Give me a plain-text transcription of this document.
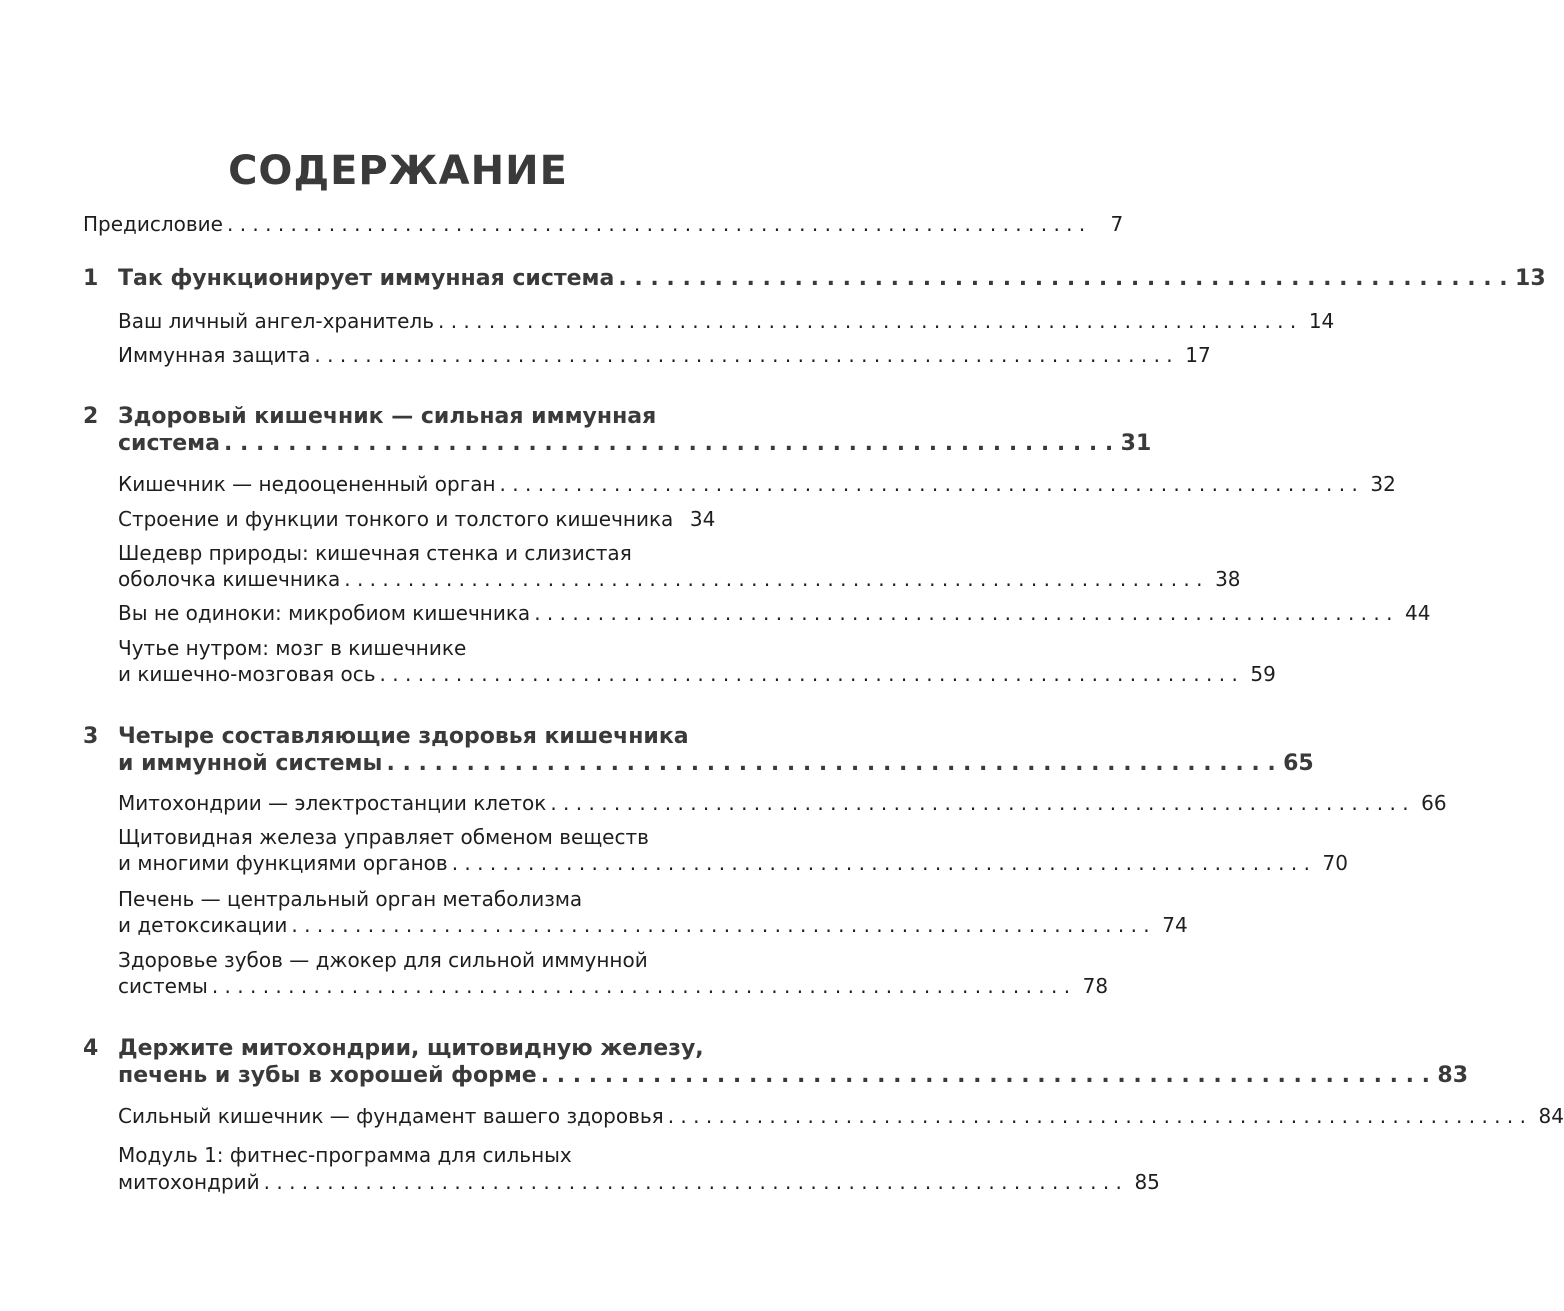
СОДЕРЖАНИЕ
Предисловие . . . . . . . . . . . . . . . . . . . . . . . . . . . . . . . . . . . . . . . . . . . . . . . . . . . . . . . . . . . . . . . . . . . .	7
1 Так функционирует иммунная система . . . . . . . . . . . . . . . . . . . . . . . . . . . . . . . . . . . . . . . . . . . . . . . . . . . . . . . . 13
Ваш личный ангел-хранитель . . . . . . . . . . . . . . . . . . . . . . . . . . . . . . . . . . . . . . . . . . . . . . . . . . . . . . . . . . . . . . . . . . . . 14
Иммунная защита . . . . . . . . . . . . . . . . . . . . . . . . . . . . . . . . . . . . . . . . . . . . . . . . . . . . . . . . . . . . . . . . . . . . 17
2 Здоровый кишечник — сильная иммунная
система . . . . . . . . . . . . . . . . . . . . . . . . . . . . . . . . . . . . . . . . . . . . . . . . . . . . . . . . 31
Кишечник — недооцененный орган . . . . . . . . . . . . . . . . . . . . . . . . . . . . . . . . . . . . . . . . . . . . . . . . . . . . . . . . . . . . . . . . . . . . 32
Строение и функции тонкого и толстого кишечника 34
Шедевр природы: кишечная стенка и слизистая
оболочка кишечника . . . . . . . . . . . . . . . . . . . . . . . . . . . . . . . . . . . . . . . . . . . . . . . . . . . . . . . . . . . . . . . . . . . . 38
Вы не одиноки: микробиом кишечника . . . . . . . . . . . . . . . . . . . . . . . . . . . . . . . . . . . . . . . . . . . . . . . . . . . . . . . . . . . . . . . . . . . . 44
Чутье нутром: мозг в кишечнике
и кишечно-мозговая ось . . . . . . . . . . . . . . . . . . . . . . . . . . . . . . . . . . . . . . . . . . . . . . . . . . . . . . . . . . . . . . . . . . . . 59
3 Четыре составляющие здоровья кишечника
и иммунной системы . . . . . . . . . . . . . . . . . . . . . . . . . . . . . . . . . . . . . . . . . . . . . . . . . . . . . . . . 65
Митохондрии — электростанции клеток . . . . . . . . . . . . . . . . . . . . . . . . . . . . . . . . . . . . . . . . . . . . . . . . . . . . . . . . . . . . . . . . . . . . 66
Щитовидная железа управляет обменом веществ
и многими функциями органов . . . . . . . . . . . . . . . . . . . . . . . . . . . . . . . . . . . . . . . . . . . . . . . . . . . . . . . . . . . . . . . . . . . . 70
Печень — центральный орган метаболизма
и детоксикации . . . . . . . . . . . . . . . . . . . . . . . . . . . . . . . . . . . . . . . . . . . . . . . . . . . . . . . . . . . . . . . . . . . . 74
Здоровье зубов — джокер для сильной иммунной
системы . . . . . . . . . . . . . . . . . . . . . . . . . . . . . . . . . . . . . . . . . . . . . . . . . . . . . . . . . . . . . . . . . . . . 78
4 Держите митохондрии, щитовидную железу,
печень и зубы в хорошей форме . . . . . . . . . . . . . . . . . . . . . . . . . . . . . . . . . . . . . . . . . . . . . . . . . . . . . . . . 83
Сильный кишечник — фундамент вашего здоровья . . . . . . . . . . . . . . . . . . . . . . . . . . . . . . . . . . . . . . . . . . . . . . . . . . . . . . . . . . . . . . . . . . . . 84
Модуль 1: фитнес-программа для сильных
митохондрий . . . . . . . . . . . . . . . . . . . . . . . . . . . . . . . . . . . . . . . . . . . . . . . . . . . . . . . . . . . . . . . . . . . . 85
